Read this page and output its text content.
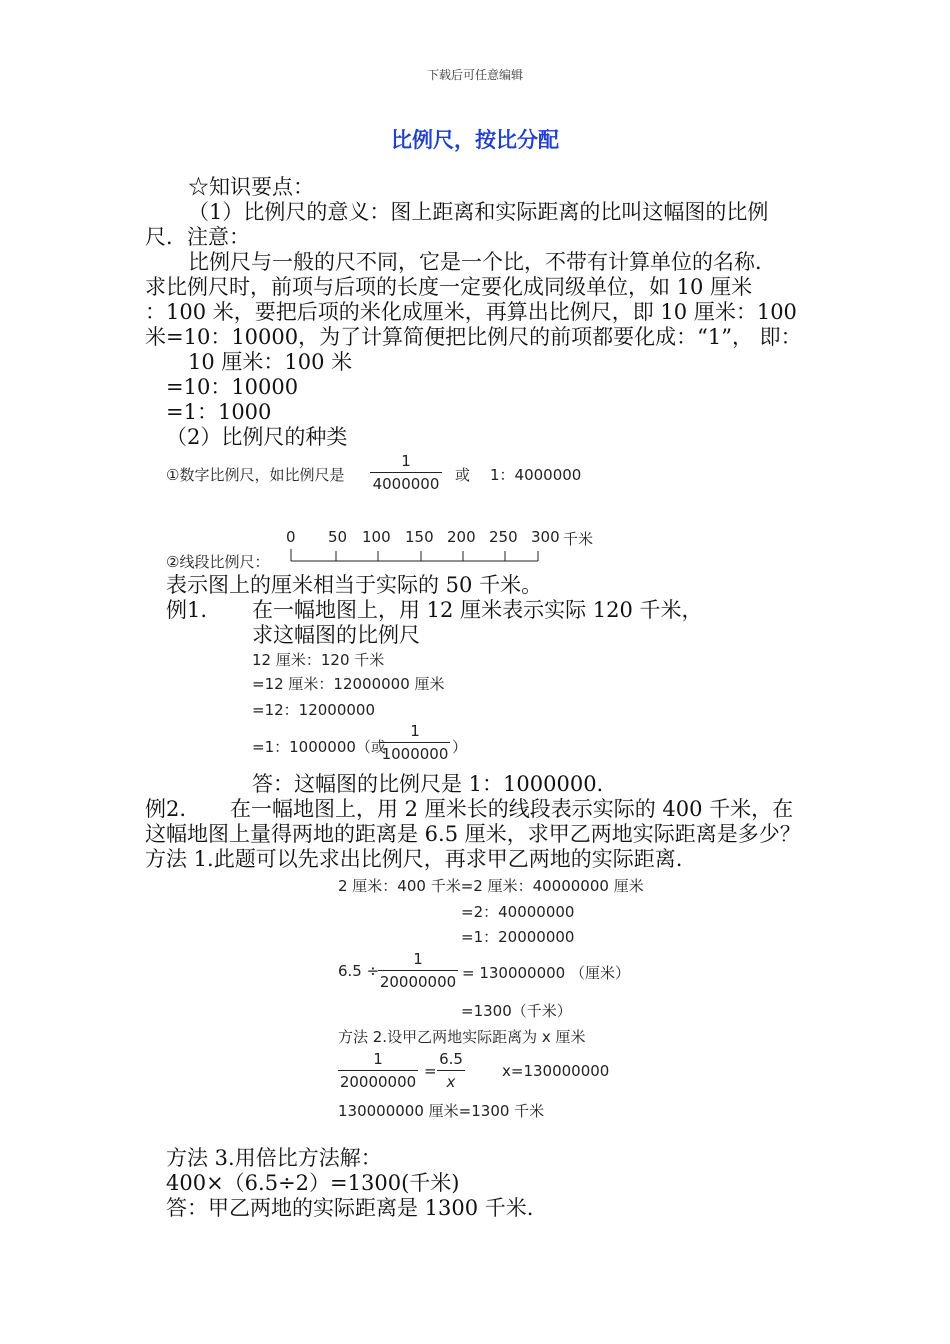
下载后可任意编辑
比例尺，按比分配
☆知识要点：
（1）比例尺的意义：图上距离和实际距离的比叫这幅图的比例
尺．注意：
比例尺与一般的尺不同，它是一个比，不带有计算单位的名称．
求比例尺时，前项与后项的长度一定要化成同级单位，如 10 厘米
：100 米，要把后项的米化成厘米，再算出比例尺，即 10 厘米：100
米=10：10000，为了计算简便把比例尺的前项都要化成：“1”， 即：
10 厘米：100 米
=10：10000
=1：1000
（2）比例尺的种类
①数字比例尺，如比例尺是
1
4000000 或 1：4000000
②线段比例尺：
0 50 100 150 200 250 300 千米
表示图上的厘米相当于实际的 50 千米。
例1. 在一幅地图上，用 12 厘米表示实际 120 千米，
求这幅图的比例尺
12 厘米：120 千米
=12 厘米：12000000 厘米
=12：12000000
=1：1000000（或
1
1000000 ）
答：这幅图的比例尺是 1：1000000.
例2. 在一幅地图上，用 2 厘米长的线段表示实际的 400 千米，在
这幅地图上量得两地的距离是 6.5 厘米，求甲乙两地实际距离是多少？
方法 1.此题可以先求出比例尺，再求甲乙两地的实际距离.
2 厘米：400 千米=2 厘米：40000000 厘米
=2：40000000
=1：20000000
6.5 ÷
1
20000000 = 130000000 （厘米）
=1300（千米）
方法 2.设甲乙两地实际距离为 x 厘米
1
20000000
=
6.5
x
x=130000000
130000000 厘米=1300 千米
方法 3.用倍比方法解：
400×（6.5÷2）=1300(千米)
答：甲乙两地的实际距离是 1300 千米.
